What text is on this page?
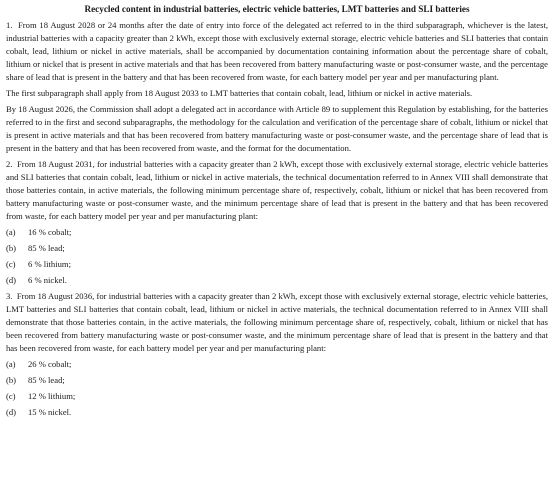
Recycled content in industrial batteries, electric vehicle batteries, LMT batteries and SLI batteries

1.  From 18 August 2028 or 24 months after the date of entry into force of the delegated act referred to in the third subparagraph, whichever is the latest, industrial batteries with a capacity greater than 2 kWh, except those with exclusively external storage, electric vehicle batteries and SLI batteries that contain cobalt, lead, lithium or nickel in active materials, shall be accompanied by documentation containing information about the percentage share of cobalt, lithium or nickel that is present in active materials and that has been recovered from battery manufacturing waste or post-consumer waste, and the percentage share of lead that is present in the battery and that has been recovered from waste, for each battery model per year and per manufacturing plant.

The first subparagraph shall apply from 18 August 2033 to LMT batteries that contain cobalt, lead, lithium or nickel in active materials.

By 18 August 2026, the Commission shall adopt a delegated act in accordance with Article 89 to supplement this Regulation by establishing, for the batteries referred to in the first and second subparagraphs, the methodology for the calculation and verification of the percentage share of cobalt, lithium or nickel that is present in active materials and that has been recovered from battery manufacturing waste or post-consumer waste, and the percentage share of lead that is present in the battery and that has been recovered from waste, and the format for the documentation.

2.  From 18 August 2031, for industrial batteries with a capacity greater than 2 kWh, except those with exclusively external storage, electric vehicle batteries and SLI batteries that contain cobalt, lead, lithium or nickel in active materials, the technical documentation referred to in Annex VIII shall demonstrate that those batteries contain, in active materials, the following minimum percentage share of, respectively, cobalt, lithium or nickel that has been recovered from battery manufacturing waste or post-consumer waste, and the minimum percentage share of lead that is present in the battery and that has been recovered from waste, for each battery model per year and per manufacturing plant:

(a)	16 % cobalt;
(b)	85 % lead;
(c)	6 % lithium;
(d)	6 % nickel.

3.  From 18 August 2036, for industrial batteries with a capacity greater than 2 kWh, except those with exclusively external storage, electric vehicle batteries, LMT batteries and SLI batteries that contain cobalt, lead, lithium or nickel in active materials, the technical documentation referred to in Annex VIII shall demonstrate that those batteries contain, in the active materials, the following minimum percentage share of, respectively, cobalt, lithium or nickel that has been recovered from battery manufacturing waste or post-consumer waste, and the minimum percentage share of lead that is present in the battery and that has been recovered from waste, for each battery model per year and per manufacturing plant:

(a)	26 % cobalt;
(b)	85 % lead;
(c)	12 % lithium;
(d)	15 % nickel.
